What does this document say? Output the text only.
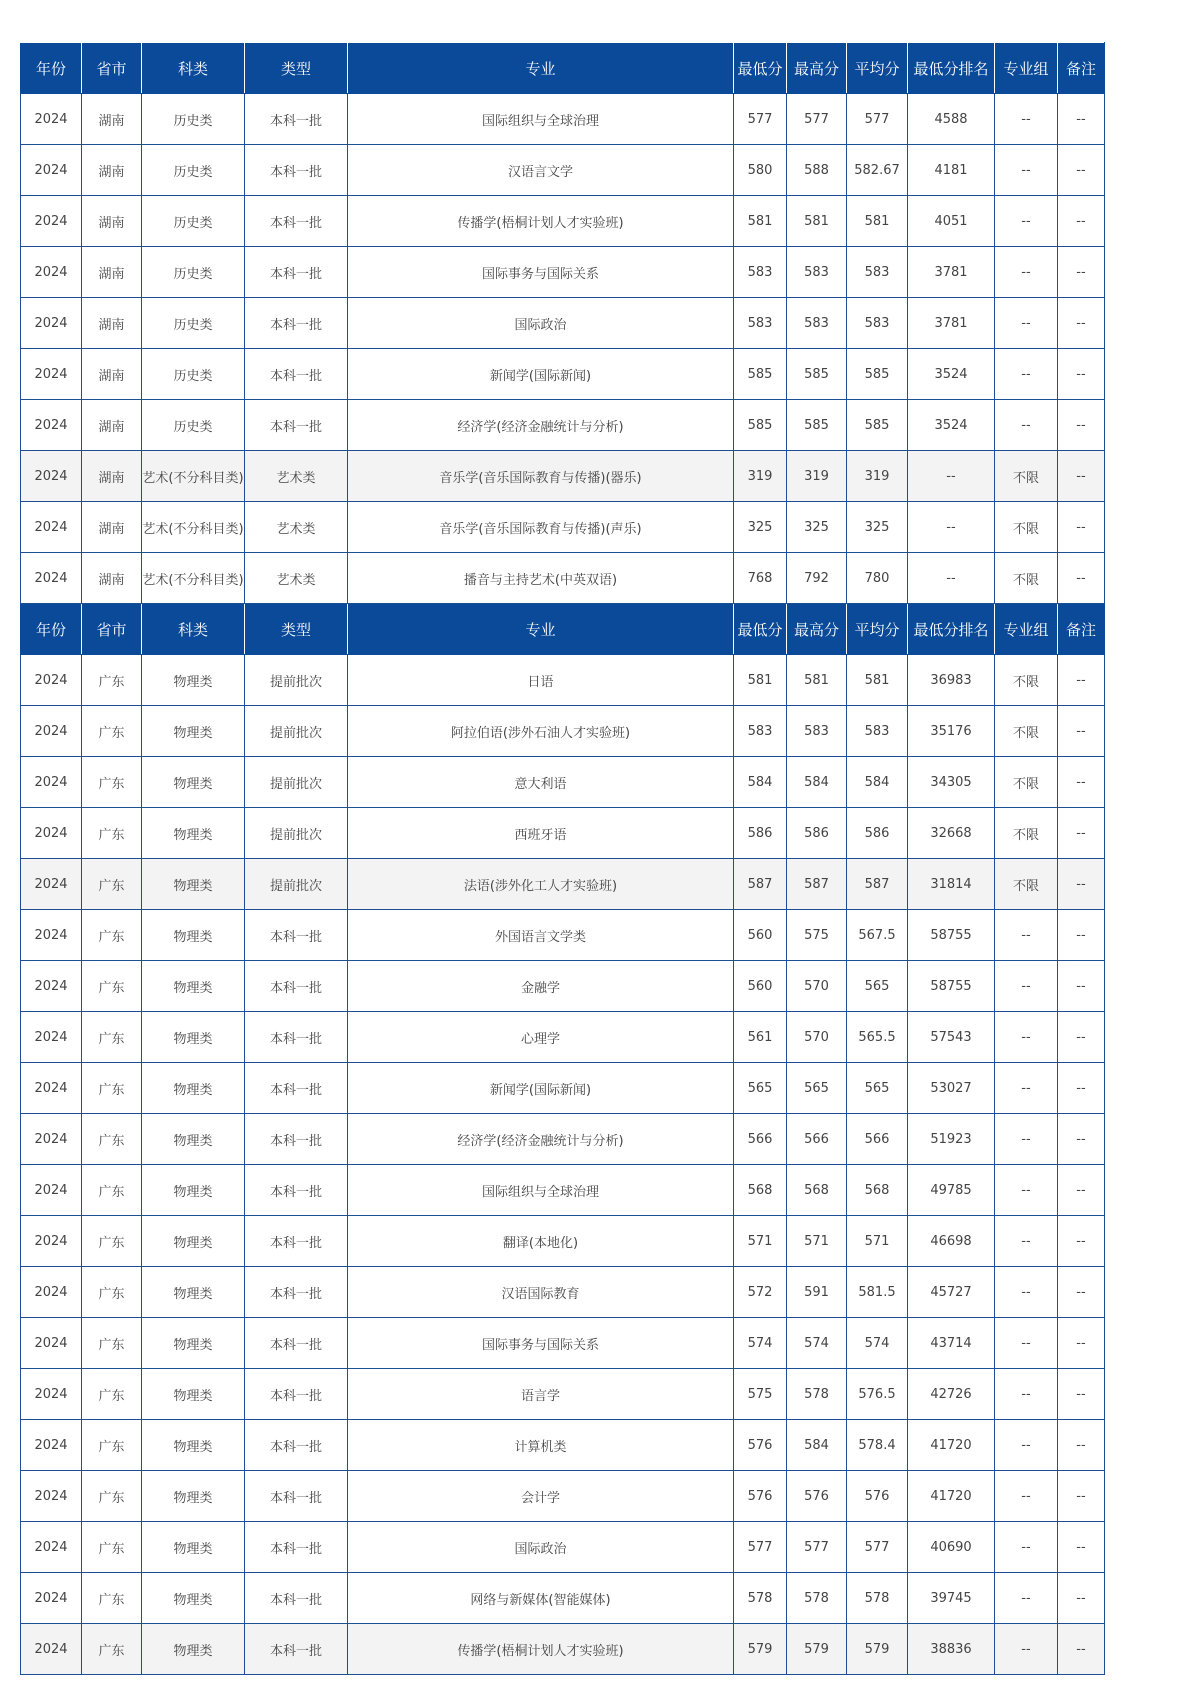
年份	省市	科类	类型	专业	最低分	最高分	平均分	最低分排名	专业组	备注
2024	湖南	历史类	本科一批	国际组织与全球治理	577	577	577	4588	--	--
2024	湖南	历史类	本科一批	汉语言文学	580	588	582.67	4181	--	--
2024	湖南	历史类	本科一批	传播学(梧桐计划人才实验班)	581	581	581	4051	--	--
2024	湖南	历史类	本科一批	国际事务与国际关系	583	583	583	3781	--	--
2024	湖南	历史类	本科一批	国际政治	583	583	583	3781	--	--
2024	湖南	历史类	本科一批	新闻学(国际新闻)	585	585	585	3524	--	--
2024	湖南	历史类	本科一批	经济学(经济金融统计与分析)	585	585	585	3524	--	--
2024	湖南	艺术(不分科目类)	艺术类	音乐学(音乐国际教育与传播)(器乐)	319	319	319	--	不限	--
2024	湖南	艺术(不分科目类)	艺术类	音乐学(音乐国际教育与传播)(声乐)	325	325	325	--	不限	--
2024	湖南	艺术(不分科目类)	艺术类	播音与主持艺术(中英双语)	768	792	780	--	不限	--
年份	省市	科类	类型	专业	最低分	最高分	平均分	最低分排名	专业组	备注
2024	广东	物理类	提前批次	日语	581	581	581	36983	不限	--
2024	广东	物理类	提前批次	阿拉伯语(涉外石油人才实验班)	583	583	583	35176	不限	--
2024	广东	物理类	提前批次	意大利语	584	584	584	34305	不限	--
2024	广东	物理类	提前批次	西班牙语	586	586	586	32668	不限	--
2024	广东	物理类	提前批次	法语(涉外化工人才实验班)	587	587	587	31814	不限	--
2024	广东	物理类	本科一批	外国语言文学类	560	575	567.5	58755	--	--
2024	广东	物理类	本科一批	金融学	560	570	565	58755	--	--
2024	广东	物理类	本科一批	心理学	561	570	565.5	57543	--	--
2024	广东	物理类	本科一批	新闻学(国际新闻)	565	565	565	53027	--	--
2024	广东	物理类	本科一批	经济学(经济金融统计与分析)	566	566	566	51923	--	--
2024	广东	物理类	本科一批	国际组织与全球治理	568	568	568	49785	--	--
2024	广东	物理类	本科一批	翻译(本地化)	571	571	571	46698	--	--
2024	广东	物理类	本科一批	汉语国际教育	572	591	581.5	45727	--	--
2024	广东	物理类	本科一批	国际事务与国际关系	574	574	574	43714	--	--
2024	广东	物理类	本科一批	语言学	575	578	576.5	42726	--	--
2024	广东	物理类	本科一批	计算机类	576	584	578.4	41720	--	--
2024	广东	物理类	本科一批	会计学	576	576	576	41720	--	--
2024	广东	物理类	本科一批	国际政治	577	577	577	40690	--	--
2024	广东	物理类	本科一批	网络与新媒体(智能媒体)	578	578	578	39745	--	--
2024	广东	物理类	本科一批	传播学(梧桐计划人才实验班)	579	579	579	38836	--	--
